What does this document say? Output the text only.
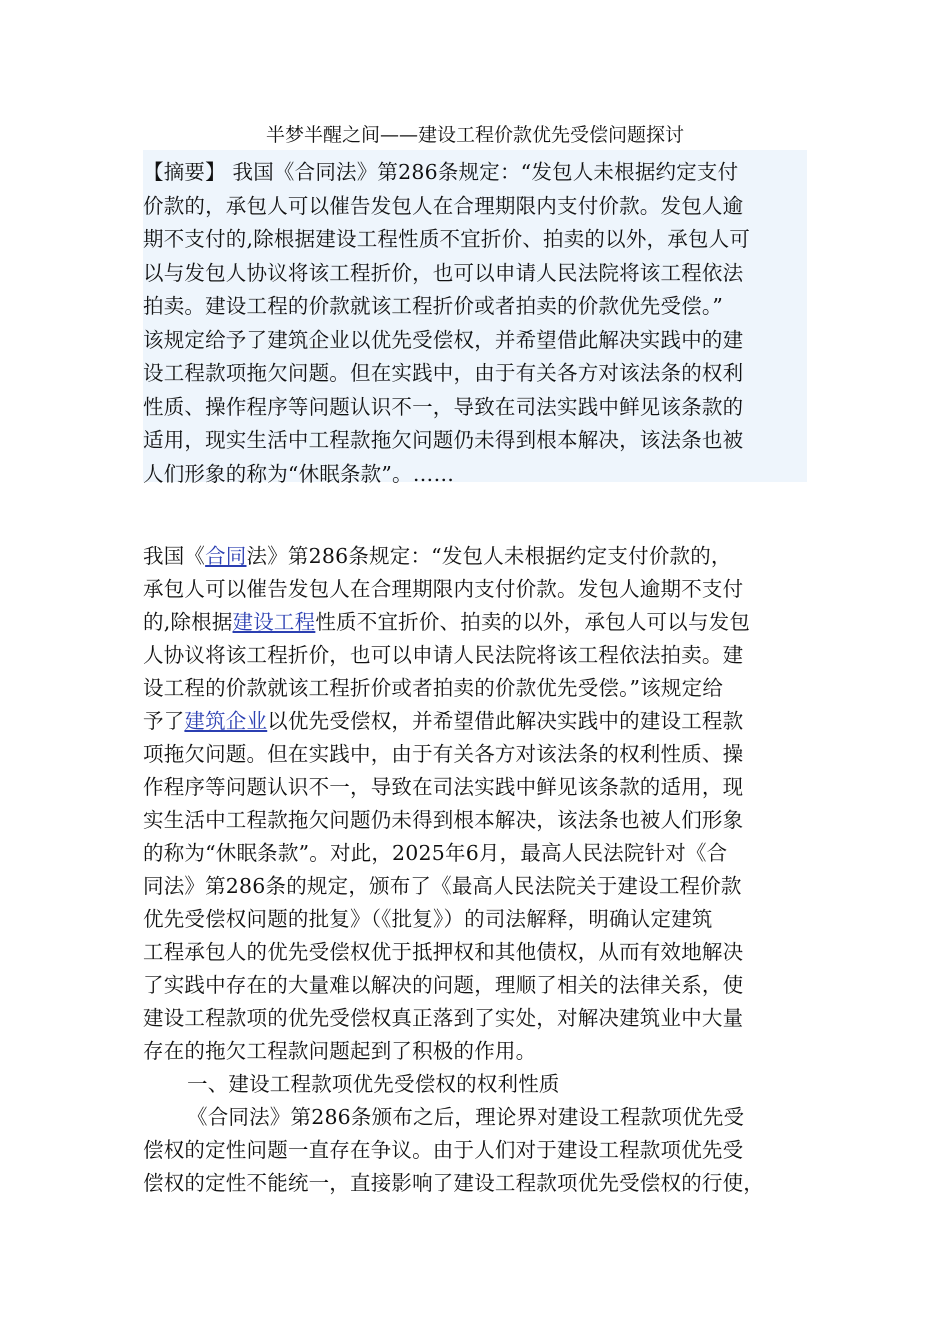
半梦半醒之间——建设工程价款优先受偿问题探讨
【摘要】 我国《合同法》第286条规定：“发包人未根据约定支付
价款的，承包人可以催告发包人在合理期限内支付价款。发包人逾
期不支付的,除根据建设工程性质不宜折价、拍卖的以外，承包人可
以与发包人协议将该工程折价，也可以申请人民法院将该工程依法
拍卖。建设工程的价款就该工程折价或者拍卖的价款优先受偿。”
该规定给予了建筑企业以优先受偿权，并希望借此解决实践中的建
设工程款项拖欠问题。但在实践中，由于有关各方对该法条的权利
性质、操作程序等问题认识不一，导致在司法实践中鲜见该条款的
适用，现实生活中工程款拖欠问题仍未得到根本解决，该法条也被
人们形象的称为“休眠条款”。……
我国《合同法》第286条规定：“发包人未根据约定支付价款的，
承包人可以催告发包人在合理期限内支付价款。发包人逾期不支付
的,除根据建设工程性质不宜折价、拍卖的以外，承包人可以与发包
人协议将该工程折价，也可以申请人民法院将该工程依法拍卖。建
设工程的价款就该工程折价或者拍卖的价款优先受偿。”该规定给
予了建筑企业以优先受偿权，并希望借此解决实践中的建设工程款
项拖欠问题。但在实践中，由于有关各方对该法条的权利性质、操
作程序等问题认识不一，导致在司法实践中鲜见该条款的适用，现
实生活中工程款拖欠问题仍未得到根本解决，该法条也被人们形象
的称为“休眠条款”。对此，2025年6月，最高人民法院针对《合
同法》第286条的规定，颁布了《最高人民法院关于建设工程价款
优先受偿权问题的批复》（《批复》）的司法解释，明确认定建筑
工程承包人的优先受偿权优于抵押权和其他债权，从而有效地解决
了实践中存在的大量难以解决的问题，理顺了相关的法律关系，使
建设工程款项的优先受偿权真正落到了实处，对解决建筑业中大量
存在的拖欠工程款问题起到了积极的作用。
一、建设工程款项优先受偿权的权利性质
《合同法》第286条颁布之后，理论界对建设工程款项优先受
偿权的定性问题一直存在争议。由于人们对于建设工程款项优先受
偿权的定性不能统一，直接影响了建设工程款项优先受偿权的行使，
